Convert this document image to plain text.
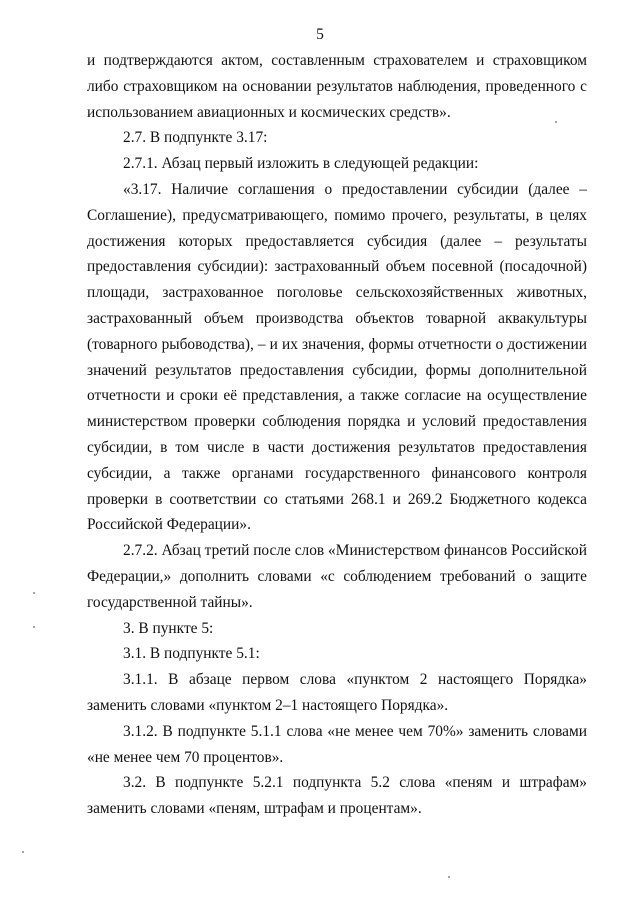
5

и подтверждаются актом, составленным страхователем и страховщиком либо страховщиком на основании результатов наблюдения, проведенного с использованием авиационных и космических средств».

2.7. В подпункте 3.17:

2.7.1. Абзац первый изложить в следующей редакции:

«3.17. Наличие соглашения о предоставлении субсидии (далее – Соглашение), предусматривающего, помимо прочего, результаты, в целях достижения которых предоставляется субсидия (далее – результаты предоставления субсидии): застрахованный объем посевной (посадочной) площади, застрахованное поголовье сельскохозяйственных животных, застрахованный объем производства объектов товарной аквакультуры (товарного рыбоводства), – и их значения, формы отчетности о достижении значений результатов предоставления субсидии, формы дополнительной отчетности и сроки её представления, а также согласие на осуществление министерством проверки соблюдения порядка и условий предоставления субсидии, в том числе в части достижения результатов предоставления субсидии, а также органами государственного финансового контроля проверки в соответствии со статьями 268.1 и 269.2 Бюджетного кодекса Российской Федерации».

2.7.2. Абзац третий после слов «Министерством финансов Российской Федерации,» дополнить словами «с соблюдением требований о защите государственной тайны».

3. В пункте 5:

3.1. В подпункте 5.1:

3.1.1. В абзаце первом слова «пунктом 2 настоящего Порядка» заменить словами «пунктом 2–1 настоящего Порядка».

3.1.2. В подпункте 5.1.1 слова «не менее чем 70%» заменить словами «не менее чем 70 процентов».

3.2. В подпункте 5.2.1 подпункта 5.2 слова «пеням и штрафам» заменить словами «пеням, штрафам и процентам».
